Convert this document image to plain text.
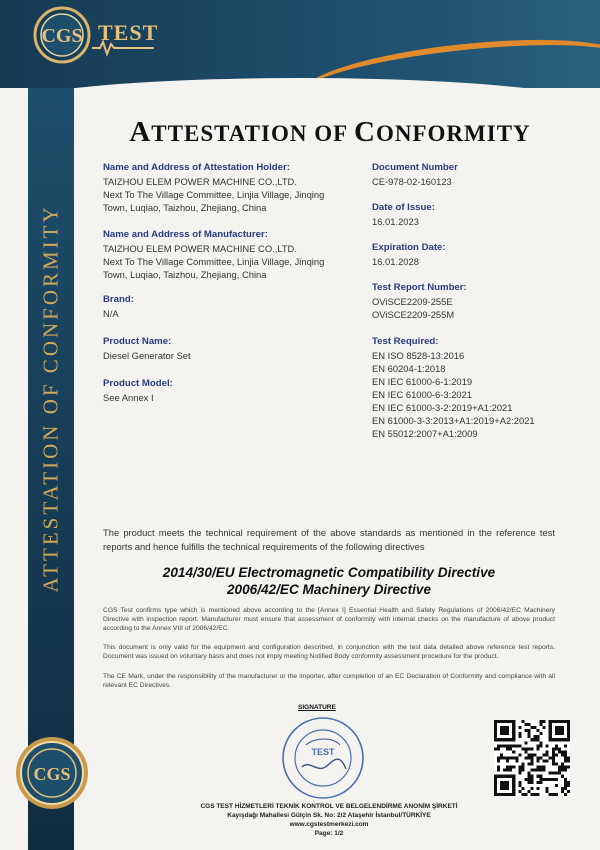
CGS TEST
ATTESTATION OF CONFORMITY
CGS
ATTESTATION OF CONFORMITY
Name and Address of Attestation Holder:
TAIZHOU ELEM POWER MACHINE CO.,LTD.
Next To The Village Committee, Linjia Village, Jinqing
Town, Luqiao, Taizhou, Zhejiang, China
Name and Address of Manufacturer:
TAIZHOU ELEM POWER MACHINE CO.,LTD.
Next To The Village Committee, Linjia Village, Jinqing
Town, Luqiao, Taizhou, Zhejiang, China
Brand:
N/A
Product Name:
Diesel Generator Set
Product Model:
See Annex I
Document Number
CE-978-02-160123
Date of Issue:
16.01.2023
Expiration Date:
16.01.2028
Test Report Number:
OViSCE2209-255E
OViSCE2209-255M
Test Required:
EN ISO 8528-13:2016
EN 60204-1:2018
EN IEC 61000-6-1:2019
EN IEC 61000-6-3:2021
EN IEC 61000-3-2:2019+A1:2021
EN 61000-3-3:2013+A1:2019+A2:2021
EN 55012:2007+A1:2009
The product meets the technical requirement of the above standards as mentioned in the reference test reports and hence fulfills the technical requirements of the following directives
2014/30/EU Electromagnetic Compatibility Directive
2006/42/EC Machinery Directive
CGS Test confirms type which is mentioned above according to the [Annex I] Essential Health and Safety Regulations of 2006/42/EC Machinery Directive with inspection report. Manufacturer must ensure that assessment of conformity with internal checks on the manufacture of above product according to the Annex VIII of 2006/42/EC.
This document is only valid for the equipment and configuration described, in conjunction with the test data detailed above reference test reports. Document was issued on voluntary basis and does not imply meeting Notified Body conformity assessment procedure for the product.
The CE Mark, under the responsibility of the manufacturer or the importer, after completion of an EC Declaration of Conformity and compliance with all relevant EC Directives.
SIGNATURE
TEST
CGS TEST HİZMETLERİ TEKNİK KONTROL VE BELGELENDİRME ANONİM ŞİRKETİ
Kayışdağı Mahallesi Gülçin Sk. No: 2/2 Ataşehir İstanbul/TÜRKİYE
www.cgstestmerkezi.com
Page: 1/2
